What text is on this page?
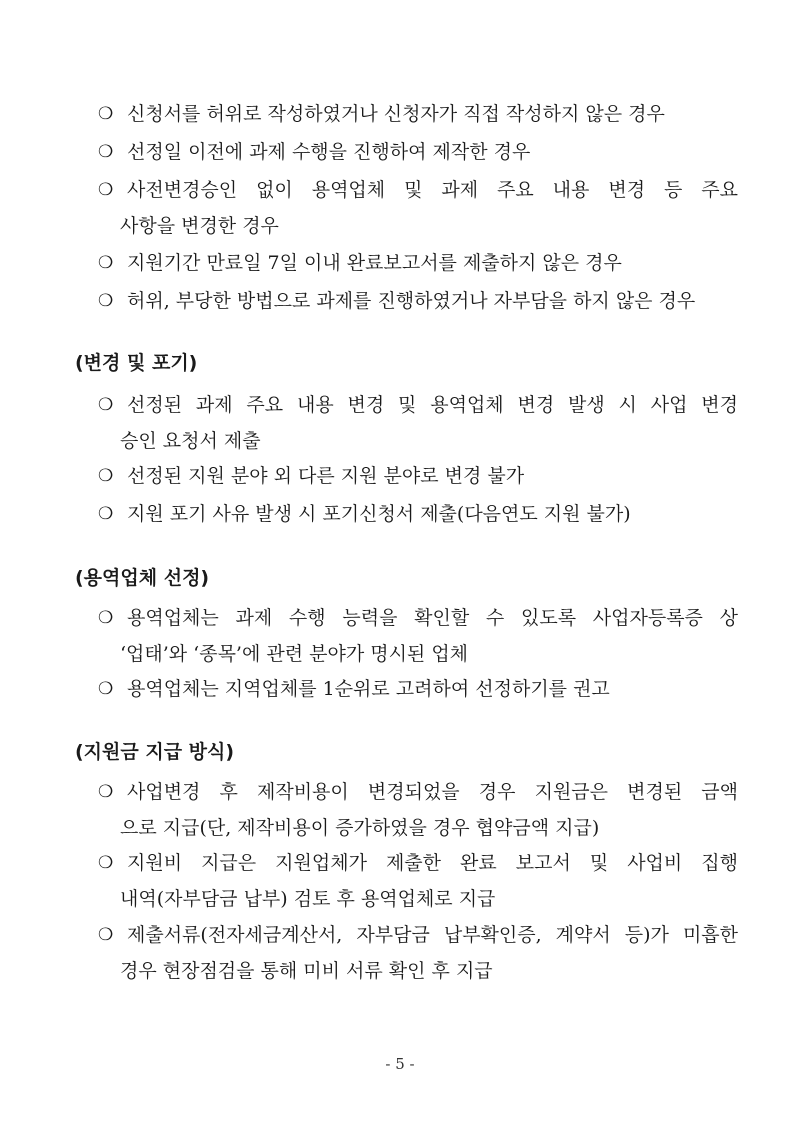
❍ 신청서를 허위로 작성하였거나 신청자가 직접 작성하지 않은 경우
❍ 선정일 이전에 과제 수행을 진행하여 제작한 경우
❍ 사전변경승인 없이 용역업체 및 과제 주요 내용 변경 등 주요
사항을 변경한 경우
❍ 지원기간 만료일 7일 이내 완료보고서를 제출하지 않은 경우
❍ 허위, 부당한 방법으로 과제를 진행하였거나 자부담을 하지 않은 경우
(변경 및 포기)
❍ 선정된 과제 주요 내용 변경 및 용역업체 변경 발생 시 사업 변경
승인 요청서 제출
❍ 선정된 지원 분야 외 다른 지원 분야로 변경 불가
❍ 지원 포기 사유 발생 시 포기신청서 제출(다음연도 지원 불가)
(용역업체 선정)
❍ 용역업체는 과제 수행 능력을 확인할 수 있도록 사업자등록증 상
‘업태’와 ‘종목’에 관련 분야가 명시된 업체
❍ 용역업체는 지역업체를 1순위로 고려하여 선정하기를 권고
(지원금 지급 방식)
❍ 사업변경 후 제작비용이 변경되었을 경우 지원금은 변경된 금액
으로 지급(단, 제작비용이 증가하였을 경우 협약금액 지급)
❍ 지원비 지급은 지원업체가 제출한 완료 보고서 및 사업비 집행
내역(자부담금 납부) 검토 후 용역업체로 지급
❍ 제출서류(전자세금계산서, 자부담금 납부확인증, 계약서 등)가 미흡한
경우 현장점검을 통해 미비 서류 확인 후 지급
- 5 -
